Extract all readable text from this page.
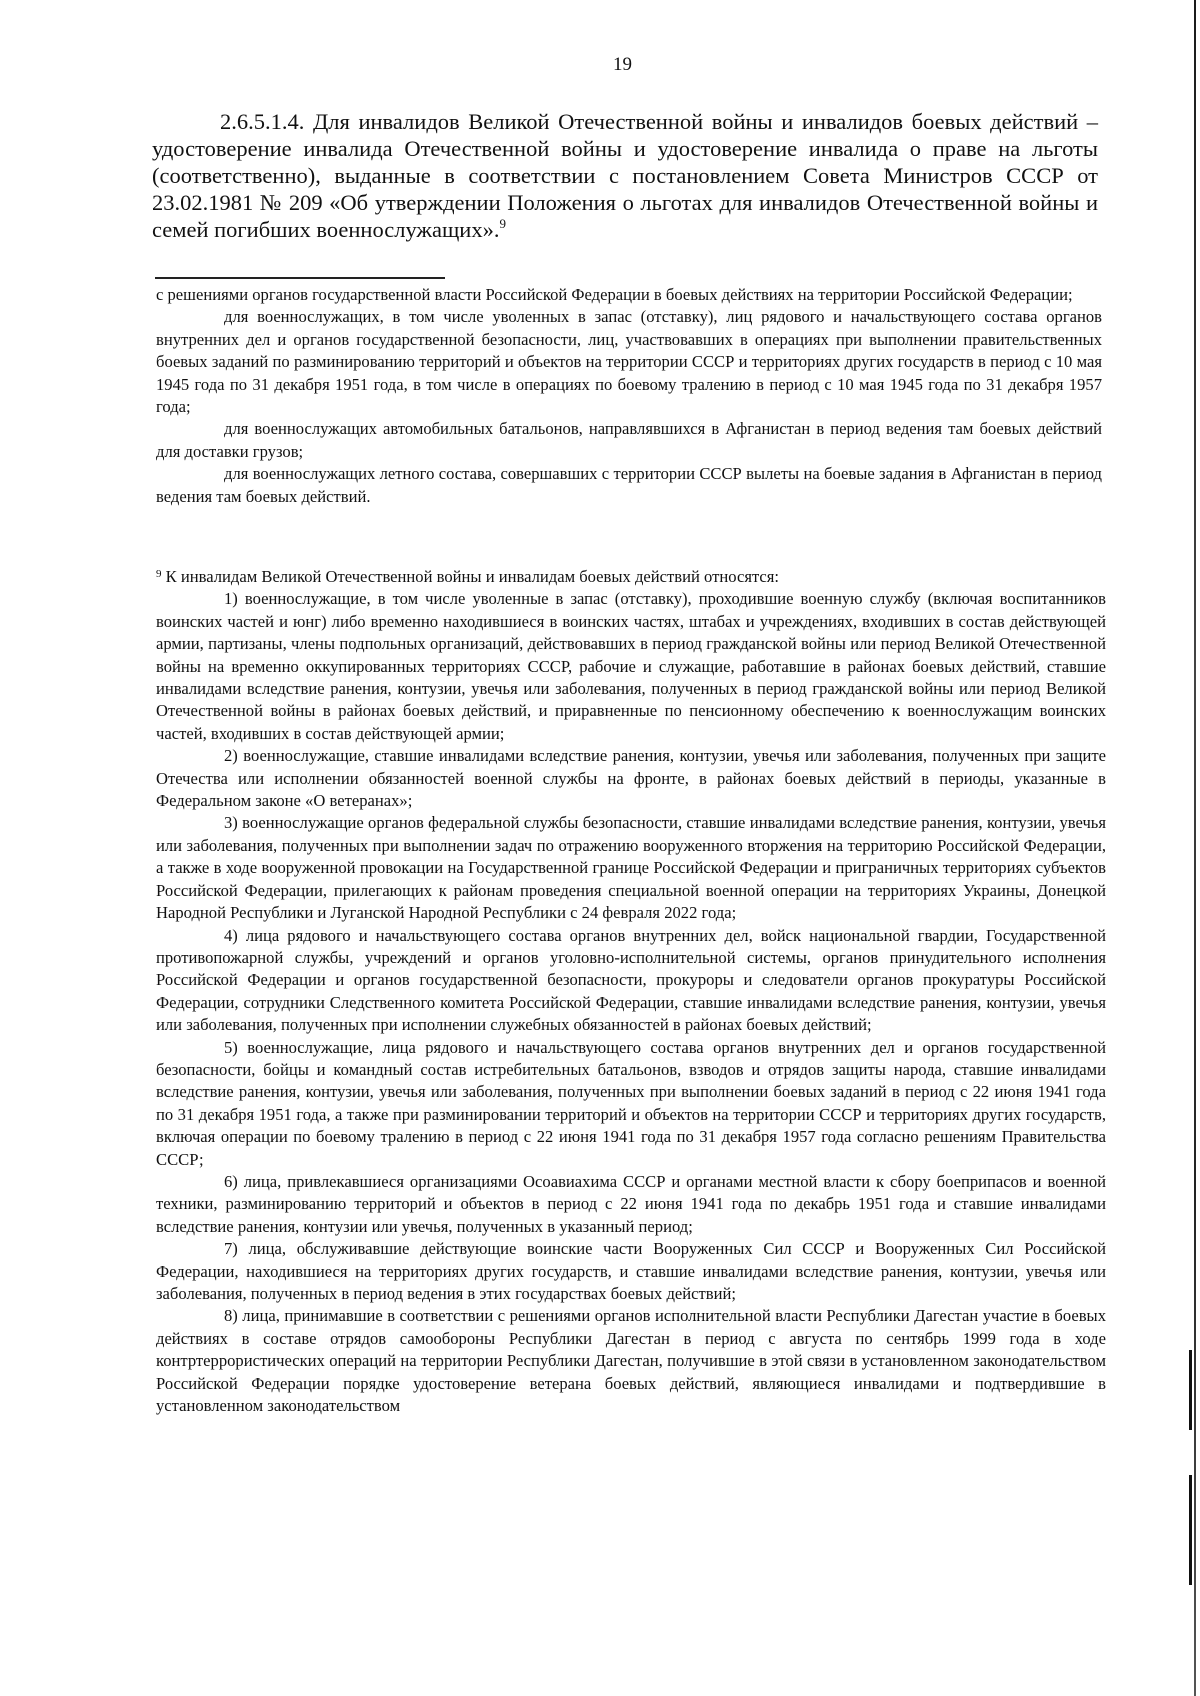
19

2.6.5.1.4. Для инвалидов Великой Отечественной войны и инвалидов боевых действий – удостоверение инвалида Отечественной войны и удостоверение инвалида о праве на льготы (соответственно), выданные в соответствии с постановлением Совета Министров СССР от 23.02.1981 № 209 «Об утверждении Положения о льготах для инвалидов Отечественной войны и семей погибших военнослужащих».$^9$

с решениями органов государственной власти Российской Федерации в боевых действиях на территории Российской Федерации;

для военнослужащих, в том числе уволенных в запас (отставку), лиц рядового и начальствующего состава органов внутренних дел и органов государственной безопасности, лиц, участвовавших в операциях при выполнении правительственных боевых заданий по разминированию территорий и объектов на территории СССР и территориях других государств в период с 10 мая 1945 года по 31 декабря 1951 года, в том числе в операциях по боевому тралению в период с 10 мая 1945 года по 31 декабря 1957 года;

для военнослужащих автомобильных батальонов, направлявшихся в Афганистан в период ведения там боевых действий для доставки грузов;

для военнослужащих летного состава, совершавших с территории СССР вылеты на боевые задания в Афганистан в период ведения там боевых действий.

$^9$ К инвалидам Великой Отечественной войны и инвалидам боевых действий относятся:

1) военнослужащие, в том числе уволенные в запас (отставку), проходившие военную службу (включая воспитанников воинских частей и юнг) либо временно находившиеся в воинских частях, штабах и учреждениях, входивших в состав действующей армии, партизаны, члены подпольных организаций, действовавших в период гражданской войны или период Великой Отечественной войны на временно оккупированных территориях СССР, рабочие и служащие, работавшие в районах боевых действий, ставшие инвалидами вследствие ранения, контузии, увечья или заболевания, полученных в период гражданской войны или период Великой Отечественной войны в районах боевых действий, и приравненные по пенсионному обеспечению к военнослужащим воинских частей, входивших в состав действующей армии;

2) военнослужащие, ставшие инвалидами вследствие ранения, контузии, увечья или заболевания, полученных при защите Отечества или исполнении обязанностей военной службы на фронте, в районах боевых действий в периоды, указанные в Федеральном законе «О ветеранах»;

3) военнослужащие органов федеральной службы безопасности, ставшие инвалидами вследствие ранения, контузии, увечья или заболевания, полученных при выполнении задач по отражению вооруженного вторжения на территорию Российской Федерации, а также в ходе вооруженной провокации на Государственной границе Российской Федерации и приграничных территориях субъектов Российской Федерации, прилегающих к районам проведения специальной военной операции на территориях Украины, Донецкой Народной Республики и Луганской Народной Республики с 24 февраля 2022 года;

4) лица рядового и начальствующего состава органов внутренних дел, войск национальной гвардии, Государственной противопожарной службы, учреждений и органов уголовно-исполнительной системы, органов принудительного исполнения Российской Федерации и органов государственной безопасности, прокуроры и следователи органов прокуратуры Российской Федерации, сотрудники Следственного комитета Российской Федерации, ставшие инвалидами вследствие ранения, контузии, увечья или заболевания, полученных при исполнении служебных обязанностей в районах боевых действий;

5) военнослужащие, лица рядового и начальствующего состава органов внутренних дел и органов государственной безопасности, бойцы и командный состав истребительных батальонов, взводов и отрядов защиты народа, ставшие инвалидами вследствие ранения, контузии, увечья или заболевания, полученных при выполнении боевых заданий в период с 22 июня 1941 года по 31 декабря 1951 года, а также при разминировании территорий и объектов на территории СССР и территориях других государств, включая операции по боевому тралению в период с 22 июня 1941 года по 31 декабря 1957 года согласно решениям Правительства СССР;

6) лица, привлекавшиеся организациями Осоавиахима СССР и органами местной власти к сбору боеприпасов и военной техники, разминированию территорий и объектов в период с 22 июня 1941 года по декабрь 1951 года и ставшие инвалидами вследствие ранения, контузии или увечья, полученных в указанный период;

7) лица, обслуживавшие действующие воинские части Вооруженных Сил СССР и Вооруженных Сил Российской Федерации, находившиеся на территориях других государств, и ставшие инвалидами вследствие ранения, контузии, увечья или заболевания, полученных в период ведения в этих государствах боевых действий;

8) лица, принимавшие в соответствии с решениями органов исполнительной власти Республики Дагестан участие в боевых действиях в составе отрядов самообороны Республики Дагестан в период с августа по сентябрь 1999 года в ходе контртеррористических операций на территории Республики Дагестан, получившие в этой связи в установленном законодательством Российской Федерации порядке удостоверение ветерана боевых действий, являющиеся инвалидами и подтвердившие в установленном законодательством
